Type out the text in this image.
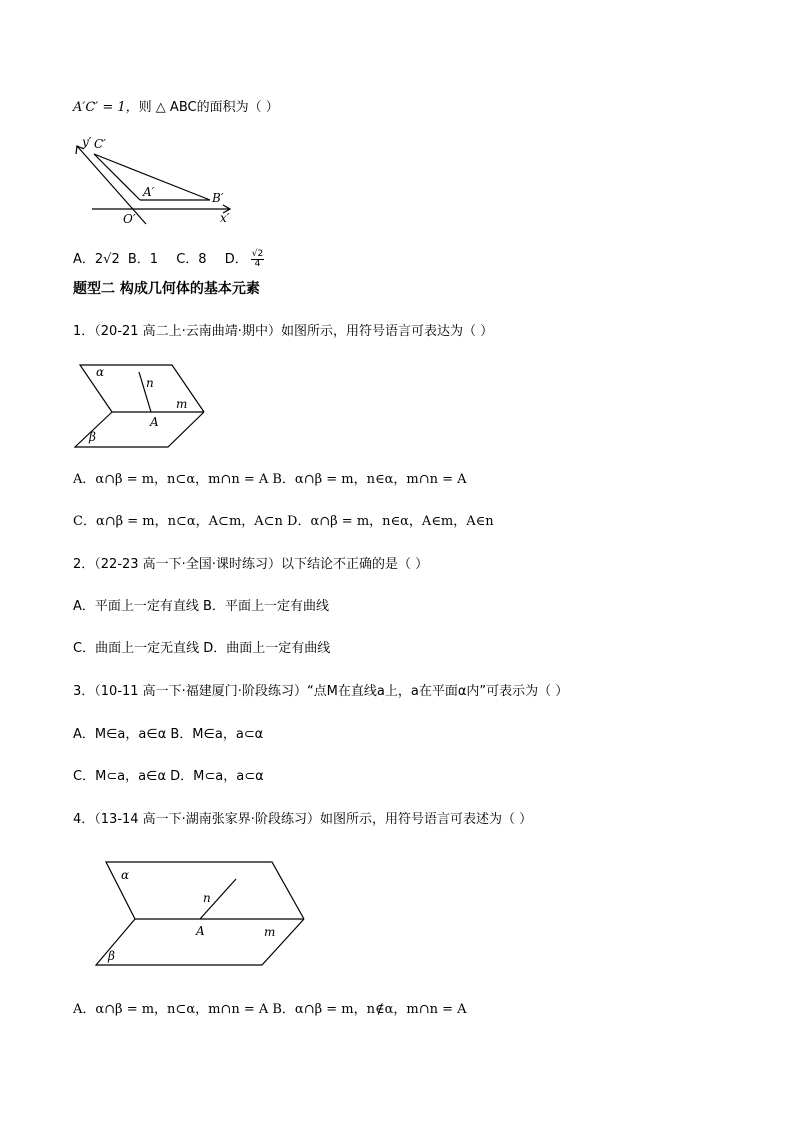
A′C′ = 1，则 △ ABC的面积为（ ）
y′ C′
A′	B′
O′	x′
A．2√2 B．1 C．8 D． $\frac{√2}{4}$
题型二 构成几何体的基本元素
1．（20-21 高二上·云南曲靖·期中）如图所示，用符号语言可表达为（ ）
α
n
m
A
β
A．α∩β = m，n⊂α，m∩n = A B．α∩β = m，n∈α，m∩n = A
C．α∩β = m，n⊂α，A⊂m，A⊂n D．α∩β = m，n∈α，A∈m，A∈n
2．（22-23 高一下·全国·课时练习）以下结论不正确的是（ ）
A．平面上一定有直线 B．平面上一定有曲线
C．曲面上一定无直线 D．曲面上一定有曲线
3．（10-11 高一下·福建厦门·阶段练习）“点M在直线a上，a在平面α内”可表示为（ ）
A．M∈a，a∈α B．M∈a，a⊂α
C．M⊂a，a∈α D．M⊂a，a⊂α
4．（13-14 高一下·湖南张家界·阶段练习）如图所示，用符号语言可表述为（ ）
α
n
A	m
β
A．α∩β = m，n⊂α，m∩n = A B．α∩β = m，n∉α，m∩n = A
